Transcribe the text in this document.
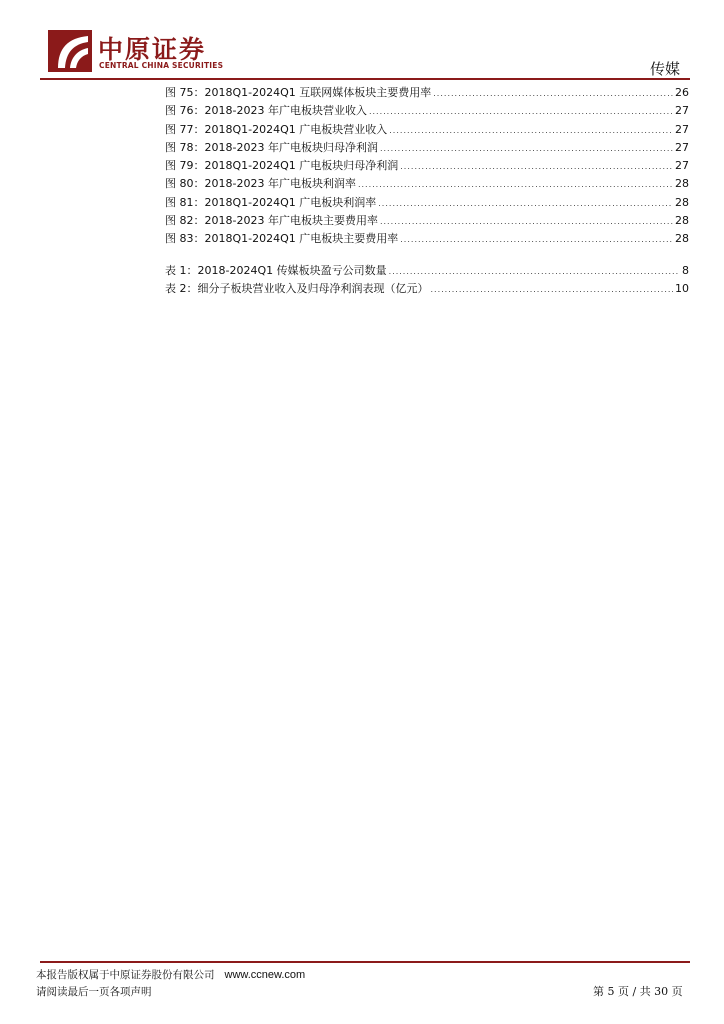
中原证券
CENTRAL CHINA SECURITIES	传媒
图 75：2018Q1-2024Q1 互联网媒体板块主要费用率 .....	26
图 76：2018-2023 年广电板块营业收入 .....	27
图 77：2018Q1-2024Q1 广电板块营业收入 .....	27
图 78：2018-2023 年广电板块归母净利润 .....	27
图 79：2018Q1-2024Q1 广电板块归母净利润 .....	27
图 80：2018-2023 年广电板块利润率 .....	28
图 81：2018Q1-2024Q1 广电板块利润率 .....	28
图 82：2018-2023 年广电板块主要费用率 .....	28
图 83：2018Q1-2024Q1 广电板块主要费用率 .....	28
表 1：2018-2024Q1 传媒板块盈亏公司数量 .....	8
表 2：细分子板块营业收入及归母净利润表现（亿元） .....	10
本报告版权属于中原证券股份有限公司 www.ccnew.com
请阅读最后一页各项声明	第 5 页 / 共 30 页
